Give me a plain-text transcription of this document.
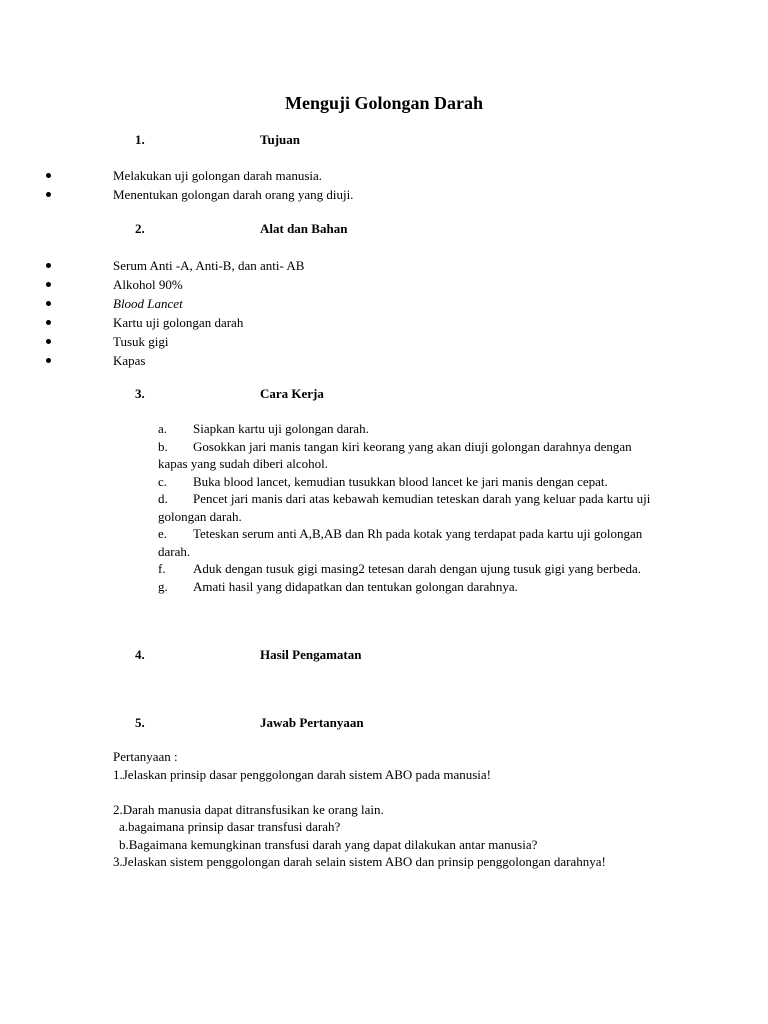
Menguji Golongan Darah
1.	Tujuan
Melakukan uji golongan darah manusia.
Menentukan golongan darah orang yang diuji.
2.	Alat dan Bahan
Serum Anti -A, Anti-B, dan anti- AB
Alkohol 90%
Blood Lancet
Kartu uji golongan darah
Tusuk gigi
Kapas
3.	Cara Kerja
a. Siapkan kartu uji golongan darah.
b. Gosokkan jari manis tangan kiri keorang yang akan diuji golongan darahnya dengan kapas yang sudah diberi alcohol.
c. Buka blood lancet, kemudian tusukkan blood lancet ke jari manis dengan cepat.
d. Pencet jari manis dari atas kebawah kemudian teteskan darah yang keluar pada kartu uji golongan darah.
e. Teteskan serum anti A,B,AB dan Rh pada kotak yang terdapat pada kartu uji golongan darah.
f. Aduk dengan tusuk gigi masing2 tetesan darah dengan ujung tusuk gigi yang berbeda.
g. Amati hasil yang didapatkan dan tentukan golongan darahnya.
4.	Hasil Pengamatan
5.	Jawab Pertanyaan
Pertanyaan :
1.Jelaskan prinsip dasar penggolongan darah sistem ABO pada manusia!
2.Darah manusia dapat ditransfusikan ke orang lain.
a.bagaimana prinsip dasar transfusi darah?
b.Bagaimana kemungkinan transfusi darah yang dapat dilakukan antar manusia?
3.Jelaskan sistem penggolongan darah selain sistem ABO dan prinsip penggolongan darahnya!
